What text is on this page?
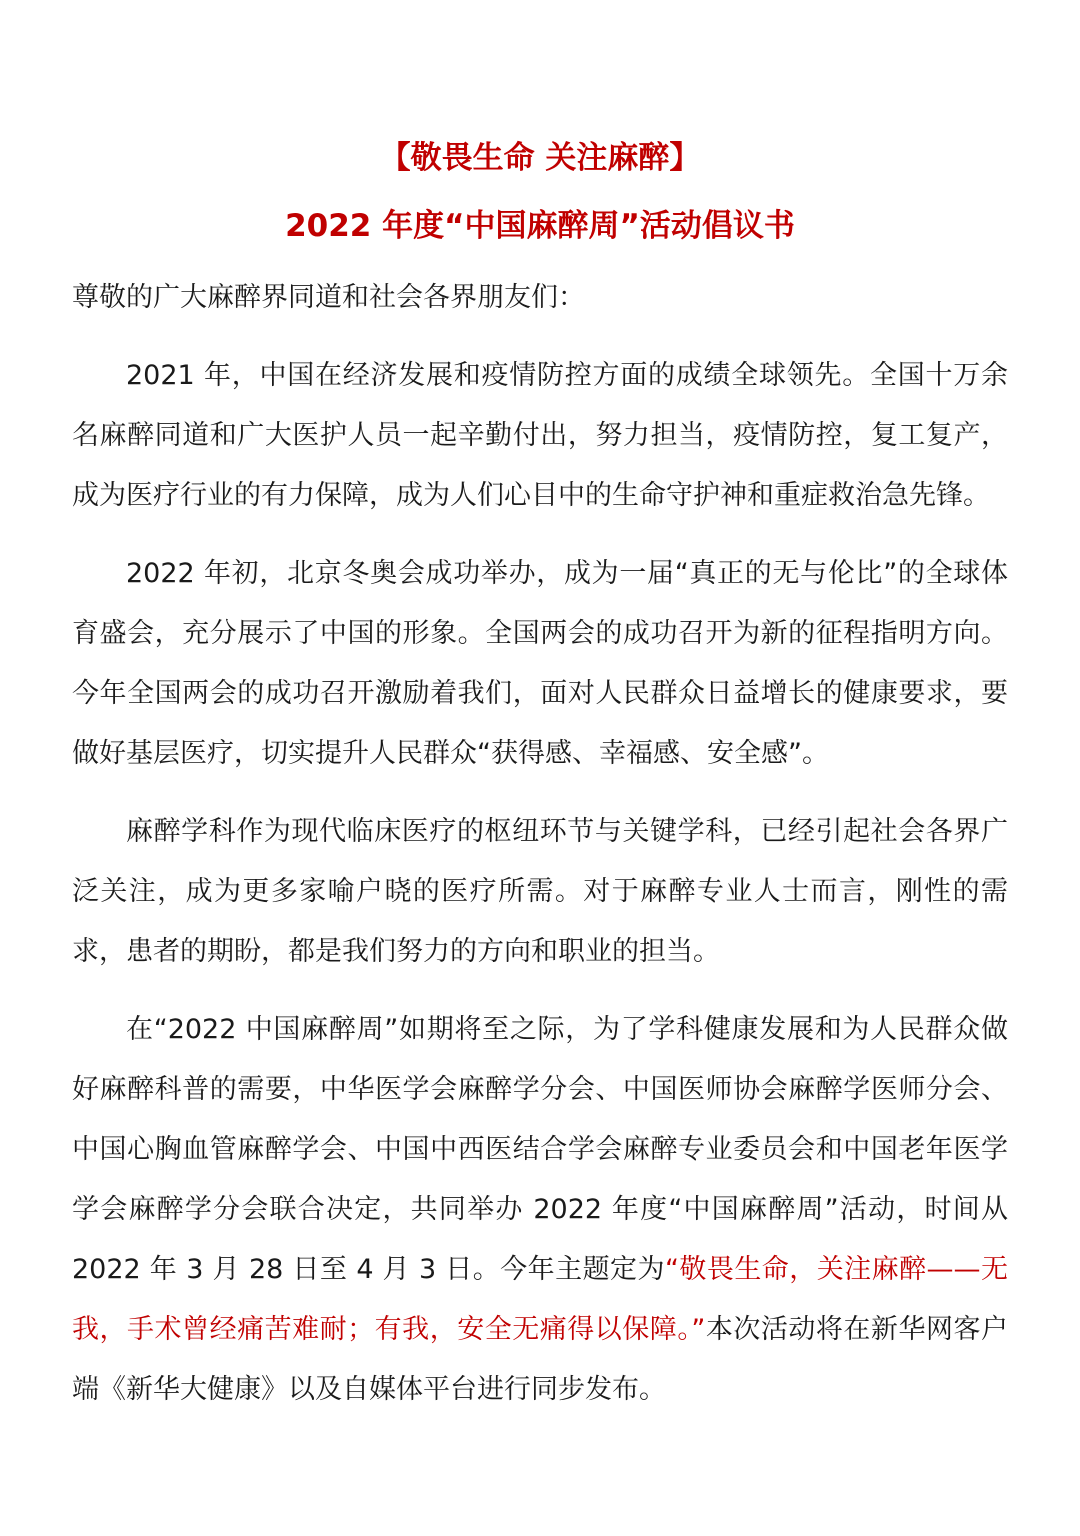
【敬畏生命 关注麻醉】
2022 年度“中国麻醉周”活动倡议书

尊敬的广大麻醉界同道和社会各界朋友们：

2021 年，中国在经济发展和疫情防控方面的成绩全球领先。全国十万余名麻醉同道和广大医护人员一起辛勤付出，努力担当，疫情防控，复工复产，成为医疗行业的有力保障，成为人们心目中的生命守护神和重症救治急先锋。

2022 年初，北京冬奥会成功举办，成为一届“真正的无与伦比”的全球体育盛会，充分展示了中国的形象。全国两会的成功召开为新的征程指明方向。今年全国两会的成功召开激励着我们，面对人民群众日益增长的健康要求，要做好基层医疗，切实提升人民群众“获得感、幸福感、安全感”。

麻醉学科作为现代临床医疗的枢纽环节与关键学科，已经引起社会各界广泛关注，成为更多家喻户晓的医疗所需。对于麻醉专业人士而言，刚性的需求，患者的期盼，都是我们努力的方向和职业的担当。

在“2022 中国麻醉周”如期将至之际，为了学科健康发展和为人民群众做好麻醉科普的需要，中华医学会麻醉学分会、中国医师协会麻醉学医师分会、中国心胸血管麻醉学会、中国中西医结合学会麻醉专业委员会和中国老年医学学会麻醉学分会联合决定，共同举办 2022 年度“中国麻醉周”活动，时间从 2022 年 3 月 28 日至 4 月 3 日。今年主题定为“敬畏生命，关注麻醉——无我，手术曾经痛苦难耐；有我，安全无痛得以保障。”本次活动将在新华网客户端《新华大健康》以及自媒体平台进行同步发布。
